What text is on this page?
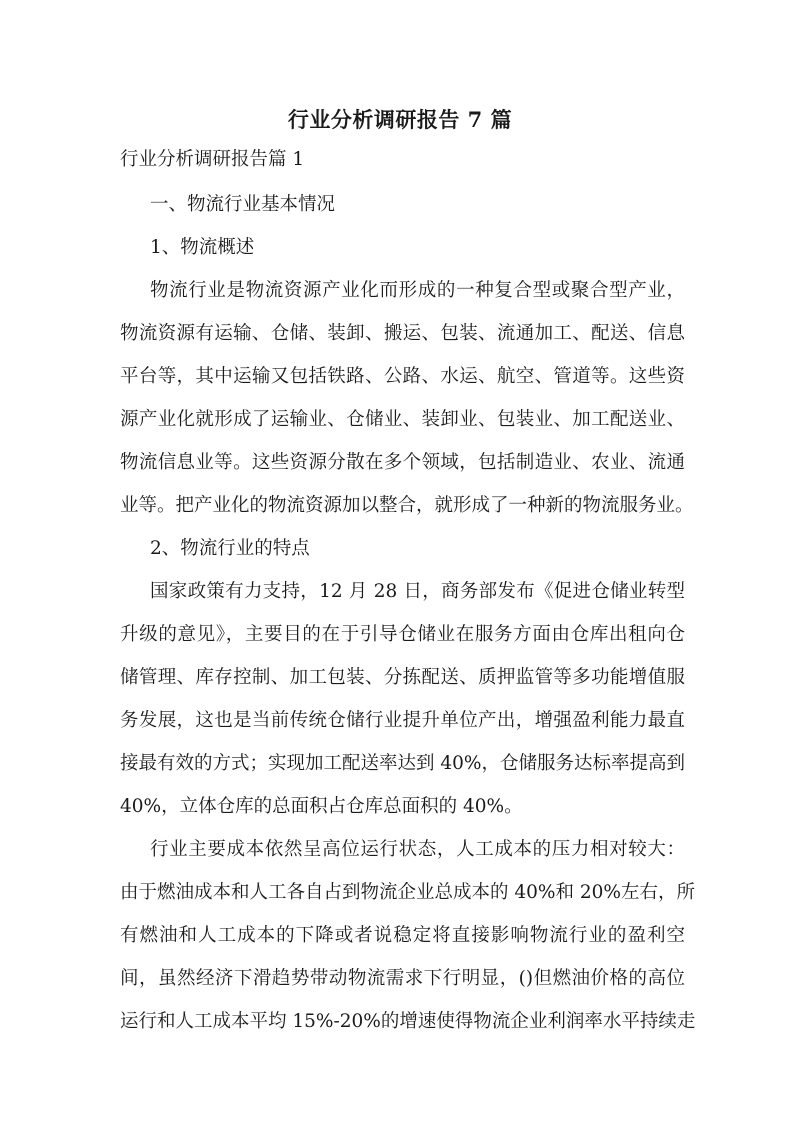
行业分析调研报告 7 篇
行业分析调研报告篇 1
一、物流行业基本情况
1、物流概述
物流行业是物流资源产业化而形成的一种复合型或聚合型产业，
物流资源有运输、仓储、装卸、搬运、包装、流通加工、配送、信息
平台等，其中运输又包括铁路、公路、水运、航空、管道等。这些资
源产业化就形成了运输业、仓储业、装卸业、包装业、加工配送业、
物流信息业等。这些资源分散在多个领域，包括制造业、农业、流通
业等。把产业化的物流资源加以整合，就形成了一种新的物流服务业。
2、物流行业的特点
国家政策有力支持，12 月 28 日，商务部发布《促进仓储业转型
升级的意见》，主要目的在于引导仓储业在服务方面由仓库出租向仓
储管理、库存控制、加工包装、分拣配送、质押监管等多功能增值服
务发展，这也是当前传统仓储行业提升单位产出，增强盈利能力最直
接最有效的方式；实现加工配送率达到 40%，仓储服务达标率提高到
40%，立体仓库的总面积占仓库总面积的 40%。
行业主要成本依然呈高位运行状态，人工成本的压力相对较大：
由于燃油成本和人工各自占到物流企业总成本的 40%和 20%左右，所
有燃油和人工成本的下降或者说稳定将直接影响物流行业的盈利空
间，虽然经济下滑趋势带动物流需求下行明显，()但燃油价格的高位
运行和人工成本平均 15%-20%的增速使得物流企业利润率水平持续走
